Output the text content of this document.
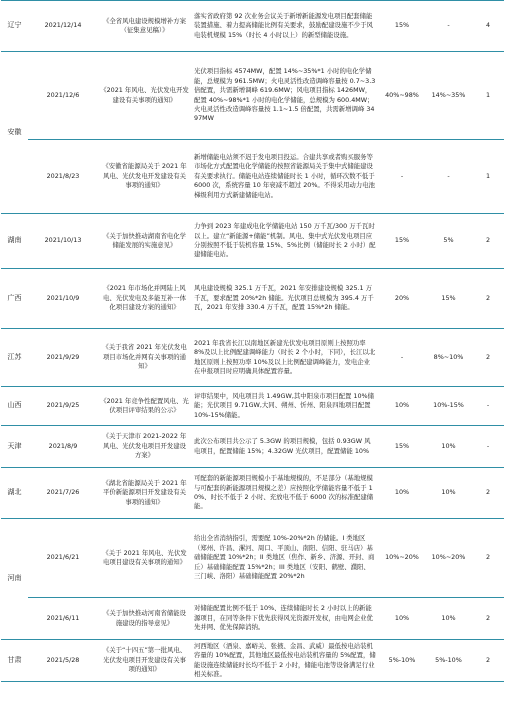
辽宁	2021/12/14	《全省风电建设规模增补方案（征集意见稿）》	落实省政府第 92 次业务会议关于新增新能源发电项目配套储能装置措施、着力提高储能比例有关要求，鼓励配建设施不少于风电装机规模 15%（时长 4 小时以上）的新型储能设施。	15%	-	4
安徽	2021/12/6	《2021 年风电、光伏发电开发建设有关事项的通知》	光伏项目指标 4574MW，配置 14%~35%*1 小时的电化学储能，总规模为 961.5MW；火电灵活性改造调峰容量按 0.7~3.3 倍配置，共需新增调峰 619.6MW；风电项目指标 1426MW，配置 40%~98%*1 小时的电化学储能，总规模为 600.4MW；火电灵活性改造调峰容量按 1.1~1.5 倍配置，共需新增调峰 3497MW	40%~98%	14%~35%	1
	2021/8/23	《安徽省能源局关于 2021 年风电、光伏发电开发建设有关事项的通知》	新增储能电站须不迟于发电项目投运。合建共享或者购买服务等市场化方式配置电化学储能的按照省能源局关于集中式储能建设有关要求执行。储能电站连续储能时长 1 小时，循环次数不低于 6000 次，系统容量 10 年衰减不超过 20%。不得采用动力电池梯级利用方式新建储能电站。	-	-	1
湖南	2021/10/13	《关于加快推动湖南省电化学储能发展的实施意见》	力争到 2023 年建成电化学储能电站 150 万千瓦/300 万千瓦时以上。建立“新能源+储能”机制。风电、集中式光伏发电项目应分别按照不低于装机容量 15%、5%比例（储能时长 2 小时）配建储能电站。	15%	5%	2
广西	2021/10/9	《2021 年市场化并网陆上风电、光伏发电及多能互补一体化项目建设方案的通知》	风电建设规模 325.1 万千瓦，2021 年安排建设规模 325.1 万千瓦，要求配置 20%*2h 储能。光伏项目总规模为 395.4 万千瓦，2021 年安排 330.4 万千瓦，配置 15%*2h 储能。	20%	15%	2
江苏	2021/9/29	《关于我省 2021 年光伏发电项目市场化并网有关事项的通知》	2021 年我省长江以南地区新建光伏发电项目原则上按照功率 8%及以上比例配建调峰能力（时长 2 个小时，下同），长江以北地区原则上按照功率 10%及以上比例配建调峰能力，发电企业在申报项目时应明确具体配置容量。	-	8%~10%	2
山西	2021/9/25	《2021 年竞争性配置风电、光伏项目评审结果的公示》	评审结果中，风电项目共 1.49GW,其中阳泉市项目配置 10%储能；光伏项目 9.71GW,大同、朔州、忻州、阳泉四地项目配置 10%-15%储能。	10%	10%-15%	-
天津	2021/8/9	《关于天津市 2021-2022 年风电、光伏发电项目开发建设方案》	此次公布项目共公示了 5.3GW 的项目规模，包括 0.93GW 风电项目，配置储能 15%；4.32GW 光伏项目，配置储能 10%	15%	10%	-
湖北	2021/7/26	《湖北省能源局关于 2021 年平价新能源项目开发建设有关事项的通知》	可配套的新能源项目规模小于基地规模的，不足部分（基地规模与可配套的新能源项目规模之差）应按照化学储能容量不低于 10%、时长不低于 2 小时、充放电不低于 6000 次的标准配建储能。	10%	10%	2
河南	2021/6/21	《关于 2021 年风电、光伏发电项目建设有关事项的通知》	给出全省消纳指引，需要配 10%-20%*2h 的储能。I 类地区（郑州、许昌、漯河、周口、平顶山、南阳、信阳、驻马店）基础储能配置 10%*2h；II 类地区（焦作、新乡、济源、开封、商丘）基础储能配置 15%*2h；III 类地区（安阳、鹤壁、濮阳、三门峡、洛阳）基础储能配置 20%*2h	10%~20%	10%~20%	2
	2021/6/11	《关于加快推动河南省储能设施建设的指导意见》	对储能配置比例不低于 10%、连续储能时长 2 小时以上的新能源项目，在同等条件下优先获得风光资源开发权，由电网企业优先并网、优先保障消纳。	10%	10%	2
甘肃	2021/5/28	《关于“十四五”第一批风电、光伏发电项目开发建设有关事项的通知》	河西地区（酒泉、嘉峪关、张掖、金昌、武威）最低按电站装机容量的 10%配置，其他地区最低按电站装机容量的 5%配置，储能设施连续储能时长均不低于 2 小时，储能电池等设备满足行业相关标准。	5%-10%	5%-10%	2
